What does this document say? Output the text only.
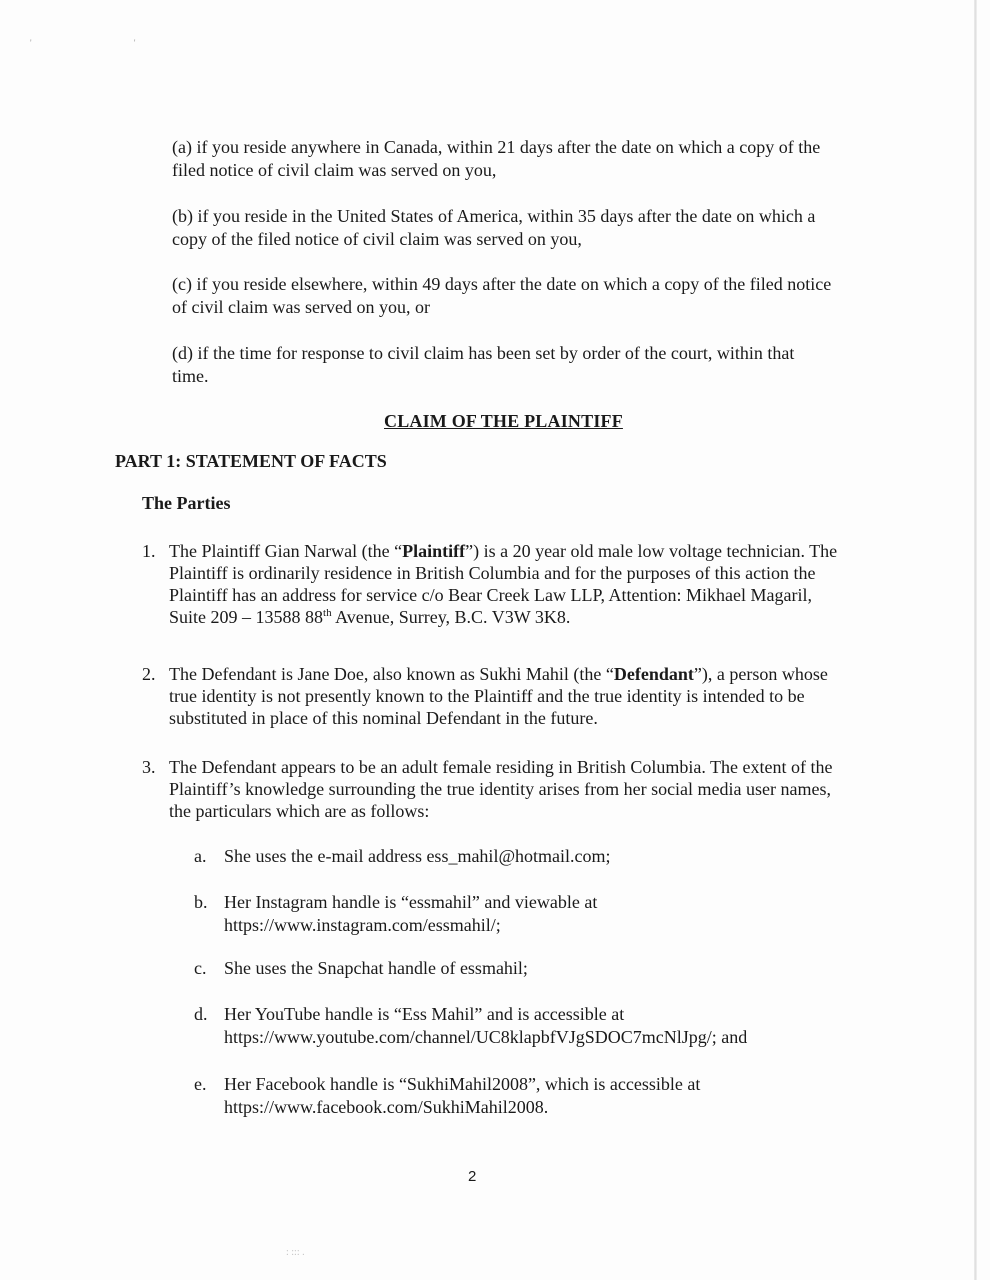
' '

(a) if you reside anywhere in Canada, within 21 days after the date on which a copy of the filed notice of civil claim was served on you,

(b) if you reside in the United States of America, within 35 days after the date on which a copy of the filed notice of civil claim was served on you,

(c) if you reside elsewhere, within 49 days after the date on which a copy of the filed notice of civil claim was served on you, or

(d) if the time for response to civil claim has been set by order of the court, within that time.

CLAIM OF THE PLAINTIFF
PART 1: STATEMENT OF FACTS
The Parties
1. The Plaintiff Gian Narwal (the “Plaintiff”) is a 20 year old male low voltage technician. The Plaintiff is ordinarily residence in British Columbia and for the purposes of this action the Plaintiff has an address for service c/o Bear Creek Law LLP, Attention: Mikhael Magaril, Suite 209 – 13588 88th Avenue, Surrey, B.C. V3W 3K8.
2. The Defendant is Jane Doe, also known as Sukhi Mahil (the “Defendant”), a person whose true identity is not presently known to the Plaintiff and the true identity is intended to be substituted in place of this nominal Defendant in the future.
3. The Defendant appears to be an adult female residing in British Columbia. The extent of the Plaintiff’s knowledge surrounding the true identity arises from her social media user names, the particulars which are as follows:
a. She uses the e-mail address ess_mahil@hotmail.com;
b. Her Instagram handle is “essmahil” and viewable at https://www.instagram.com/essmahil/;
c. She uses the Snapchat handle of essmahil;
d. Her YouTube handle is “Ess Mahil” and is accessible at https://www.youtube.com/channel/UC8klapbfVJgSDOC7mcNlJpg/; and
e. Her Facebook handle is “SukhiMahil2008”, which is accessible at https://www.facebook.com/SukhiMahil2008.
2
: ::: .
